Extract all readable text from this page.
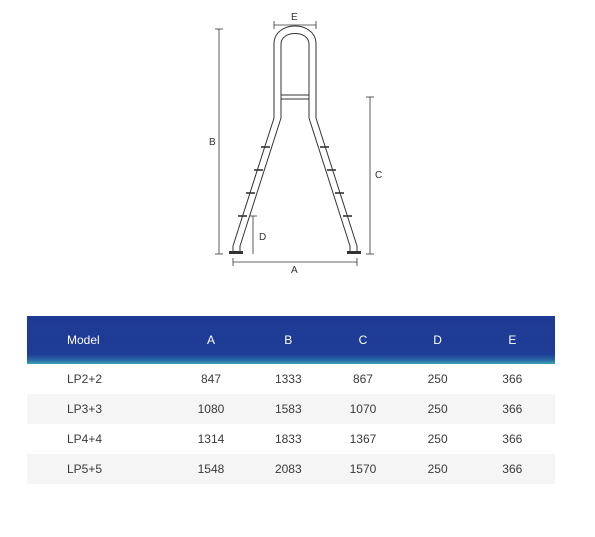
E
B
C
D
A
Model	A	B	C	D	E
LP2+2	847	1333	867	250	366
LP3+3	1080	1583	1070	250	366
LP4+4	1314	1833	1367	250	366
LP5+5	1548	2083	1570	250	366
